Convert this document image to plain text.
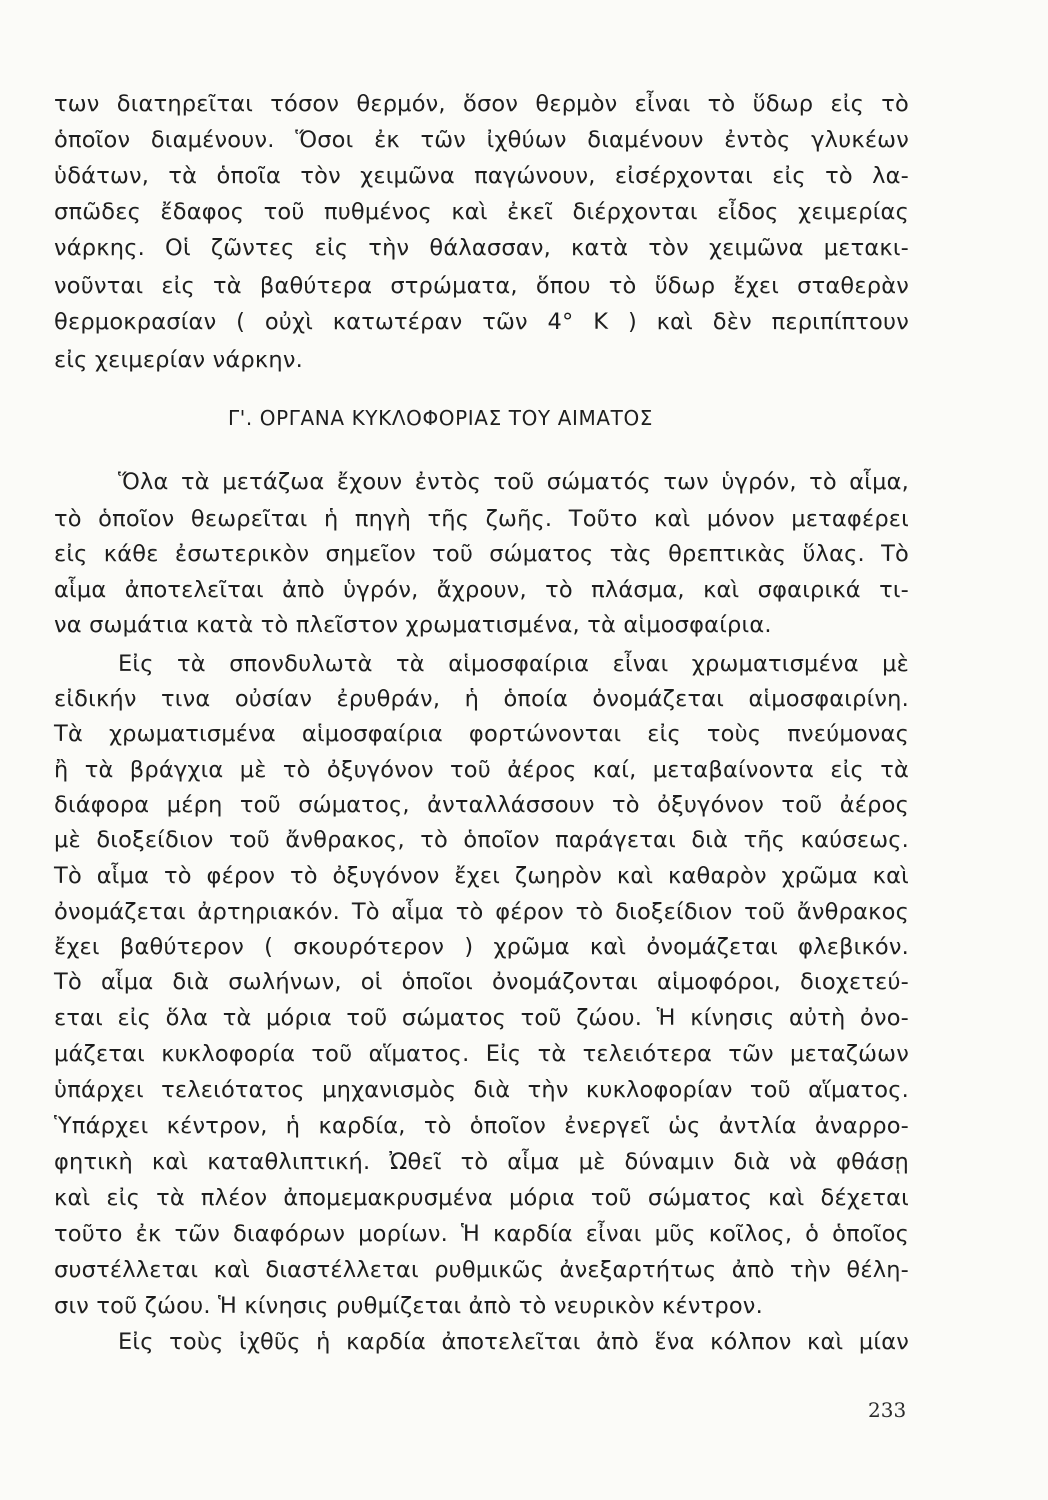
των διατηρεῖται τόσον θερμόν, ὅσον θερμὸν εἶναι τὸ ὕδωρ εἰς τὸ
ὁποῖον διαμένουν. Ὅσοι ἐκ τῶν ἰχθύων διαμένουν ἐντὸς γλυκέων
ὑδάτων, τὰ ὁποῖα τὸν χειμῶνα παγώνουν, εἰσέρχονται εἰς τὸ λα-
σπῶδες ἔδαφος τοῦ πυθμένος καὶ ἐκεῖ διέρχονται εἶδος χειμερίας
νάρκης. Οἱ ζῶντες εἰς τὴν θάλασσαν, κατὰ τὸν χειμῶνα μετακι-
νοῦνται εἰς τὰ βαθύτερα στρώματα, ὅπου τὸ ὕδωρ ἔχει σταθερὰν
θερμοκρασίαν ( οὐχὶ κατωτέραν τῶν 4° Κ ) καὶ δὲν περιπίπτουν
εἰς χειμερίαν νάρκην.
Γ'. ΟΡΓΑΝΑ ΚΥΚΛΟΦΟΡΙΑΣ ΤΟΥ ΑΙΜΑΤΟΣ
Ὅλα τὰ μετάζωα ἔχουν ἐντὸς τοῦ σώματός των ὑγρόν, τὸ αἷμα,
τὸ ὁποῖον θεωρεῖται ἡ πηγὴ τῆς ζωῆς. Τοῦτο καὶ μόνον μεταφέρει
εἰς κάθε ἐσωτερικὸν σημεῖον τοῦ σώματος τὰς θρεπτικὰς ὕλας. Τὸ
αἷμα ἀποτελεῖται ἀπὸ ὑγρόν, ἄχρουν, τὸ πλάσμα, καὶ σφαιρικά τι-
να σωμάτια κατὰ τὸ πλεῖστον χρωματισμένα, τὰ αἱμοσφαίρια.
Εἰς τὰ σπονδυλωτὰ τὰ αἱμοσφαίρια εἶναι χρωματισμένα μὲ
εἰδικήν τινα οὐσίαν ἐρυθράν, ἡ ὁποία ὀνομάζεται αἱμοσφαιρίνη.
Τὰ χρωματισμένα αἱμοσφαίρια φορτώνονται εἰς τοὺς πνεύμονας
ἢ τὰ βράγχια μὲ τὸ ὀξυγόνον τοῦ ἀέρος καί, μεταβαίνοντα εἰς τὰ
διάφορα μέρη τοῦ σώματος, ἀνταλλάσσουν τὸ ὀξυγόνον τοῦ ἀέρος
μὲ διοξείδιον τοῦ ἄνθρακος, τὸ ὁποῖον παράγεται διὰ τῆς καύσεως.
Τὸ αἷμα τὸ φέρον τὸ ὀξυγόνον ἔχει ζωηρὸν καὶ καθαρὸν χρῶμα καὶ
ὀνομάζεται ἀρτηριακόν. Τὸ αἷμα τὸ φέρον τὸ διοξείδιον τοῦ ἄνθρακος
ἔχει βαθύτερον ( σκουρότερον ) χρῶμα καὶ ὀνομάζεται φλεβικόν.
Τὸ αἷμα διὰ σωλήνων, οἱ ὁποῖοι ὀνομάζονται αἱμοφόροι, διοχετεύ-
εται εἰς ὅλα τὰ μόρια τοῦ σώματος τοῦ ζώου. Ἡ κίνησις αὐτὴ ὀνο-
μάζεται κυκλοφορία τοῦ αἵματος. Εἰς τὰ τελειότερα τῶν μεταζώων
ὑπάρχει τελειότατος μηχανισμὸς διὰ τὴν κυκλοφορίαν τοῦ αἵματος.
Ὑπάρχει κέντρον, ἡ καρδία, τὸ ὁποῖον ἐνεργεῖ ὡς ἀντλία ἀναρρο-
φητικὴ καὶ καταθλιπτική. Ὠθεῖ τὸ αἷμα μὲ δύναμιν διὰ νὰ φθάσῃ
καὶ εἰς τὰ πλέον ἀπομεμακρυσμένα μόρια τοῦ σώματος καὶ δέχεται
τοῦτο ἐκ τῶν διαφόρων μορίων. Ἡ καρδία εἶναι μῦς κοῖλος, ὁ ὁποῖος
συστέλλεται καὶ διαστέλλεται ρυθμικῶς ἀνεξαρτήτως ἀπὸ τὴν θέλη-
σιν τοῦ ζώου. Ἡ κίνησις ρυθμίζεται ἀπὸ τὸ νευρικὸν κέντρον.
Εἰς τοὺς ἰχθῦς ἡ καρδία ἀποτελεῖται ἀπὸ ἕνα κόλπον καὶ μίαν
233
